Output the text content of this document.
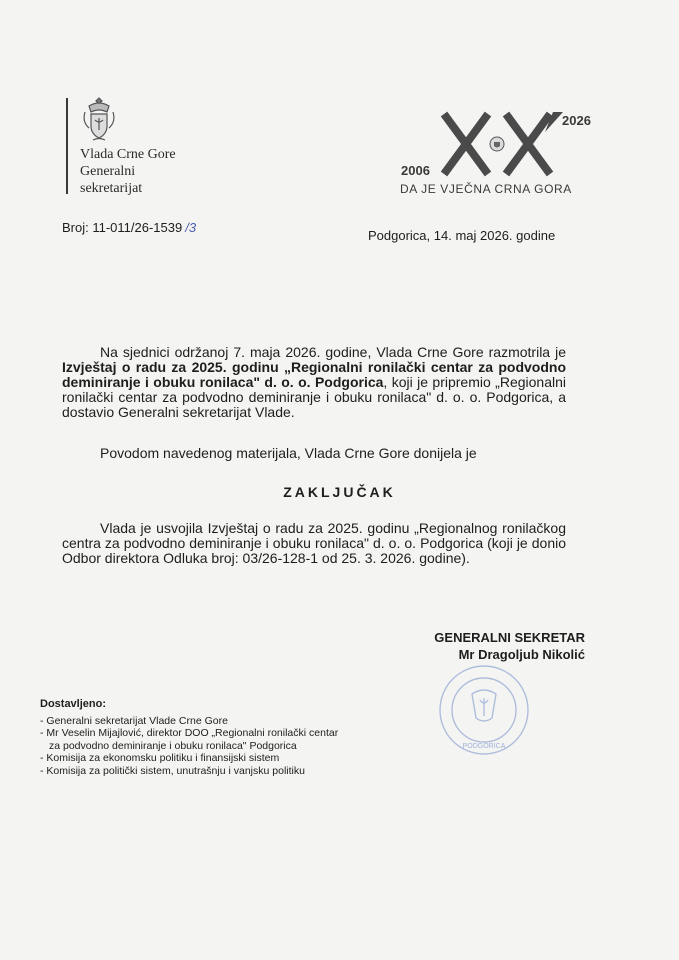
Vlada Crne Gore
Generalni
sekretarijat
2026
2006
DA JE VJEČNA CRNA GORA
Broj: 11-011/26-1539 /3
Podgorica, 14. maj 2026. godine
Na sjednici održanoj 7. maja 2026. godine, Vlada Crne Gore razmotrila je Izvještaj o radu za 2025. godinu „Regionalni ronilački centar za podvodno deminiranje i obuku ronilaca" d. o. o. Podgorica, koji je pripremio „Regionalni ronilački centar za podvodno deminiranje i obuku ronilaca" d. o. o. Podgorica, a dostavio Generalni sekretarijat Vlade.
Povodom navedenog materijala, Vlada Crne Gore donijela je
ZAKLJUČAK
Vlada je usvojila Izvještaj o radu za 2025. godinu „Regionalnog ronilačkog centra za podvodno deminiranje i obuku ronilaca" d. o. o. Podgorica (koji je donio Odbor direktora Odluka broj: 03/26-128-1 od 25. 3. 2026. godine).
GENERALNI SEKRETAR
Mr Dragoljub Nikolić
PODGORICA
Dostavljeno:
- Generalni sekretarijat Vlade Crne Gore
- Mr Veselin Mijajlović, direktor DOO „Regionalni ronilački centar
za podvodno deminiranje i obuku ronilaca" Podgorica
- Komisija za ekonomsku politiku i finansijski sistem
- Komisija za politički sistem, unutrašnju i vanjsku politiku
